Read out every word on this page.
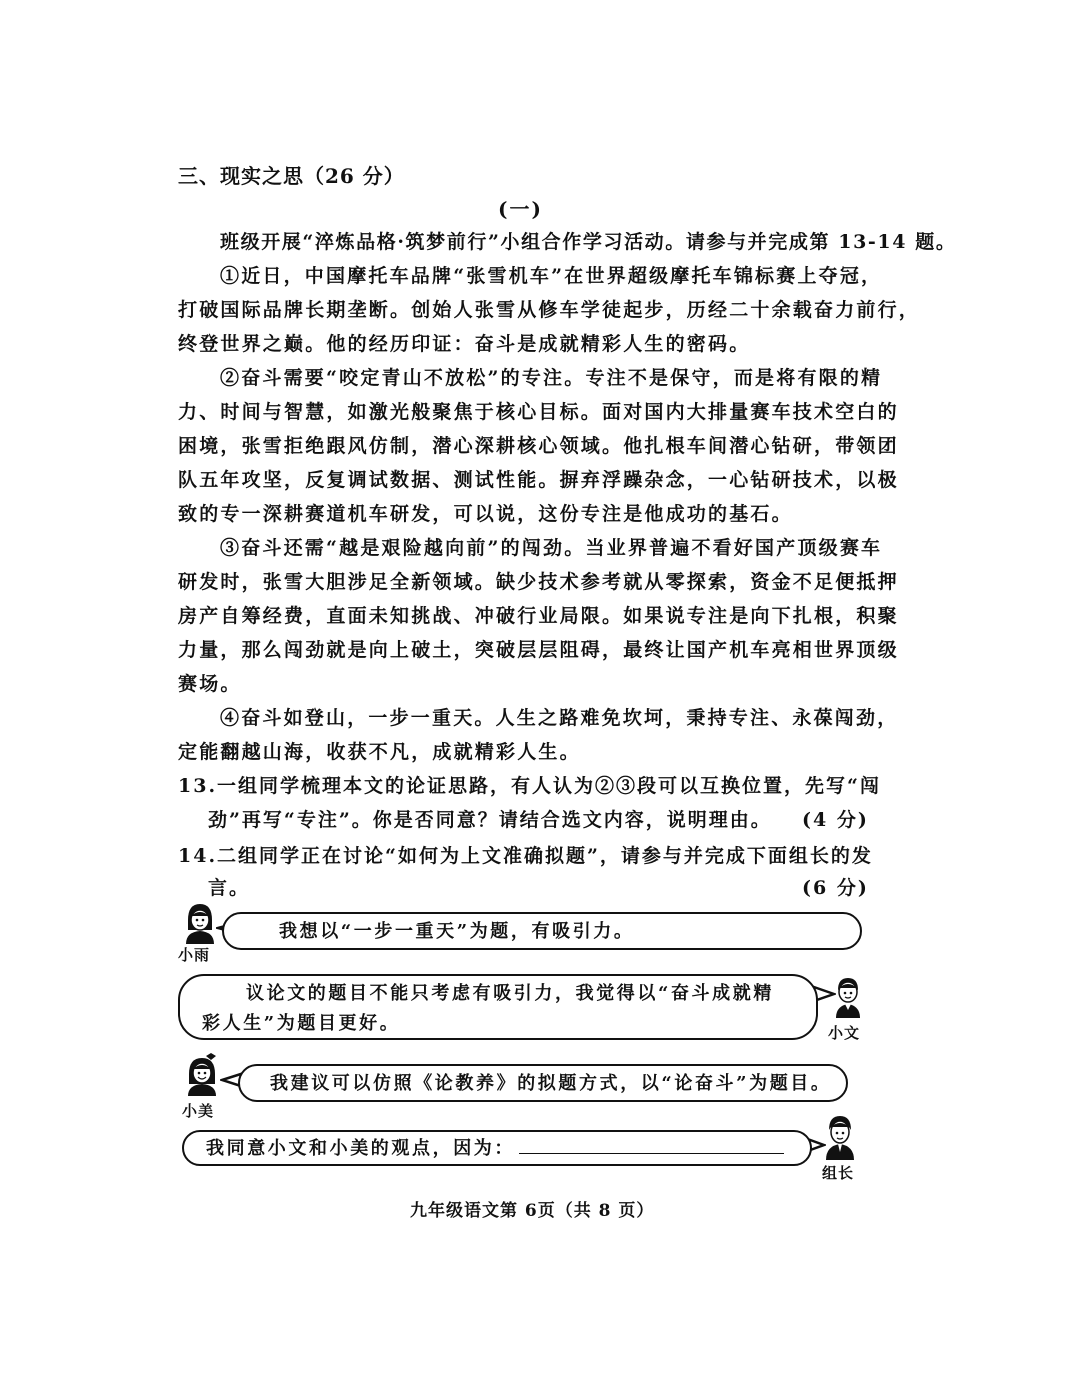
三、现实之思（26 分）
(一)
班级开展“淬炼品格·筑梦前行”小组合作学习活动。请参与并完成第 13-14 题。
①近日，中国摩托车品牌“张雪机车”在世界超级摩托车锦标赛上夺冠，
打破国际品牌长期垄断。创始人张雪从修车学徒起步，历经二十余载奋力前行，
终登世界之巅。他的经历印证：奋斗是成就精彩人生的密码。
②奋斗需要“咬定青山不放松”的专注。专注不是保守，而是将有限的精
力、时间与智慧，如激光般聚焦于核心目标。面对国内大排量赛车技术空白的
困境，张雪拒绝跟风仿制，潜心深耕核心领域。他扎根车间潜心钻研，带领团
队五年攻坚，反复调试数据、测试性能。摒弃浮躁杂念，一心钻研技术，以极
致的专一深耕赛道机车研发，可以说，这份专注是他成功的基石。
③奋斗还需“越是艰险越向前”的闯劲。当业界普遍不看好国产顶级赛车
研发时，张雪大胆涉足全新领域。缺少技术参考就从零探索，资金不足便抵押
房产自筹经费，直面未知挑战、冲破行业局限。如果说专注是向下扎根，积聚
力量，那么闯劲就是向上破土，突破层层阻碍，最终让国产机车亮相世界顶级
赛场。
④奋斗如登山，一步一重天。人生之路难免坎坷，秉持专注、永葆闯劲，
定能翻越山海，收获不凡，成就精彩人生。
13.一组同学梳理本文的论证思路，有人认为②③段可以互换位置，先写“闯
劲”再写“专注”。你是否同意？请结合选文内容，说明理由。 (4 分)
14.二组同学正在讨论“如何为上文准确拟题”，请参与并完成下面组长的发
言。	(6 分)
小雨
我想以“一步一重天”为题，有吸引力。
小文
议论文的题目不能只考虑有吸引力，我觉得以“奋斗成就精
彩人生”为题目更好。
小美
我建议可以仿照《论教养》的拟题方式，以“论奋斗”为题目。
组长
我同意小文和小美的观点，因为：
九年级语文第 6页（共 8 页）
